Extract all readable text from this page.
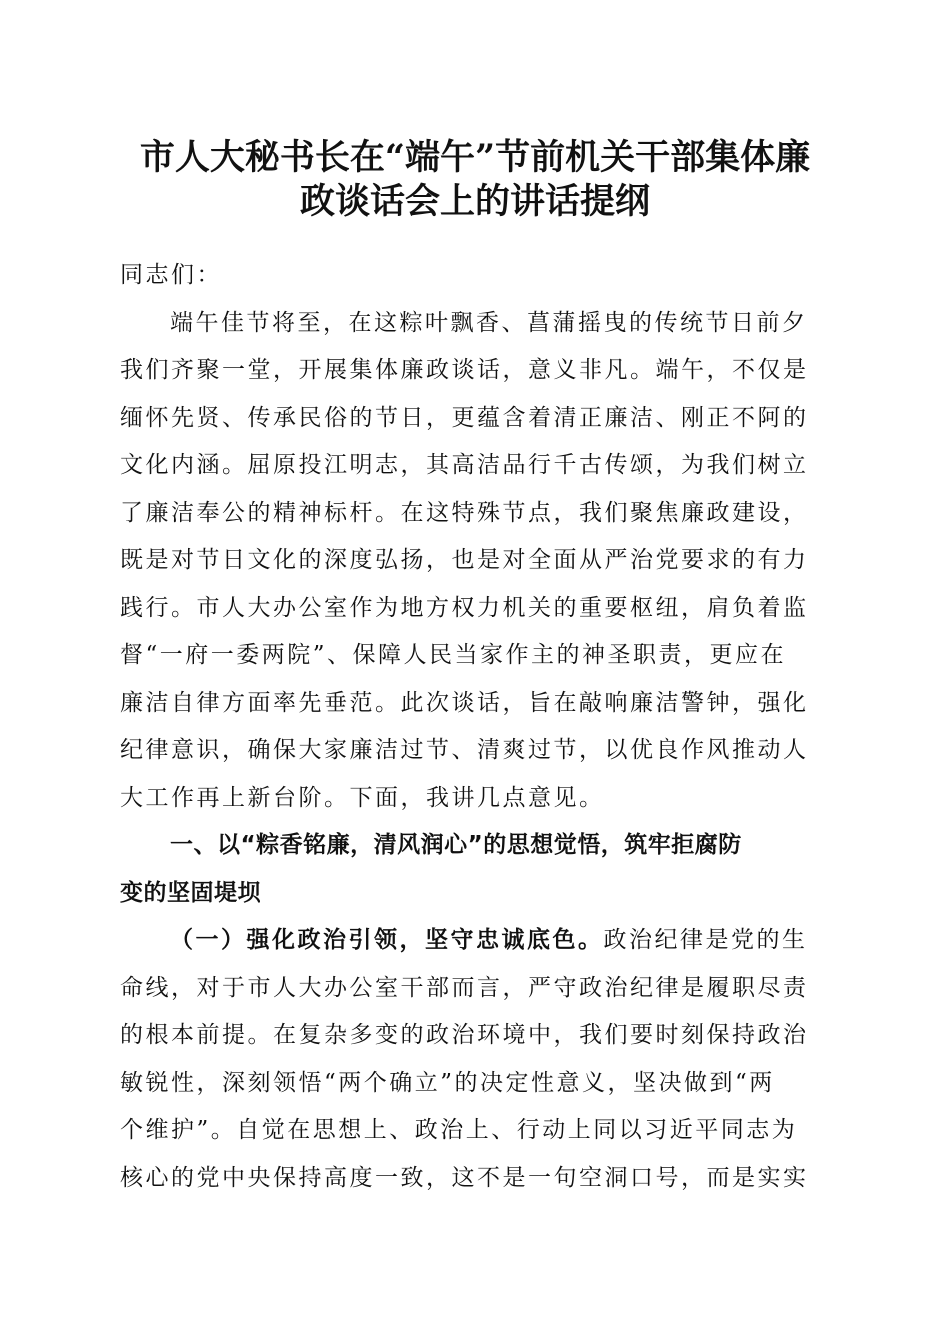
市人大秘书长在“端午”节前机关干部集体廉
政谈话会上的讲话提纲
同志们：
端午佳节将至，在这粽叶飘香、菖蒲摇曳的传统节日前夕
我们齐聚一堂，开展集体廉政谈话，意义非凡。端午，不仅是
缅怀先贤、传承民俗的节日，更蕴含着清正廉洁、刚正不阿的
文化内涵。屈原投江明志，其高洁品行千古传颂，为我们树立
了廉洁奉公的精神标杆。在这特殊节点，我们聚焦廉政建设，
既是对节日文化的深度弘扬，也是对全面从严治党要求的有力
践行。市人大办公室作为地方权力机关的重要枢纽，肩负着监
督“一府一委两院”、保障人民当家作主的神圣职责，更应在
廉洁自律方面率先垂范。此次谈话，旨在敲响廉洁警钟，强化
纪律意识，确保大家廉洁过节、清爽过节，以优良作风推动人
大工作再上新台阶。下面，我讲几点意见。
一、以“粽香铭廉，清风润心”的思想觉悟，筑牢拒腐防
变的坚固堤坝
（一）强化政治引领，坚守忠诚底色。政治纪律是党的生
命线，对于市人大办公室干部而言，严守政治纪律是履职尽责
的根本前提。在复杂多变的政治环境中，我们要时刻保持政治
敏锐性，深刻领悟“两个确立”的决定性意义，坚决做到“两
个维护”。自觉在思想上、政治上、行动上同以习近平同志为
核心的党中央保持高度一致，这不是一句空洞口号，而是实实
